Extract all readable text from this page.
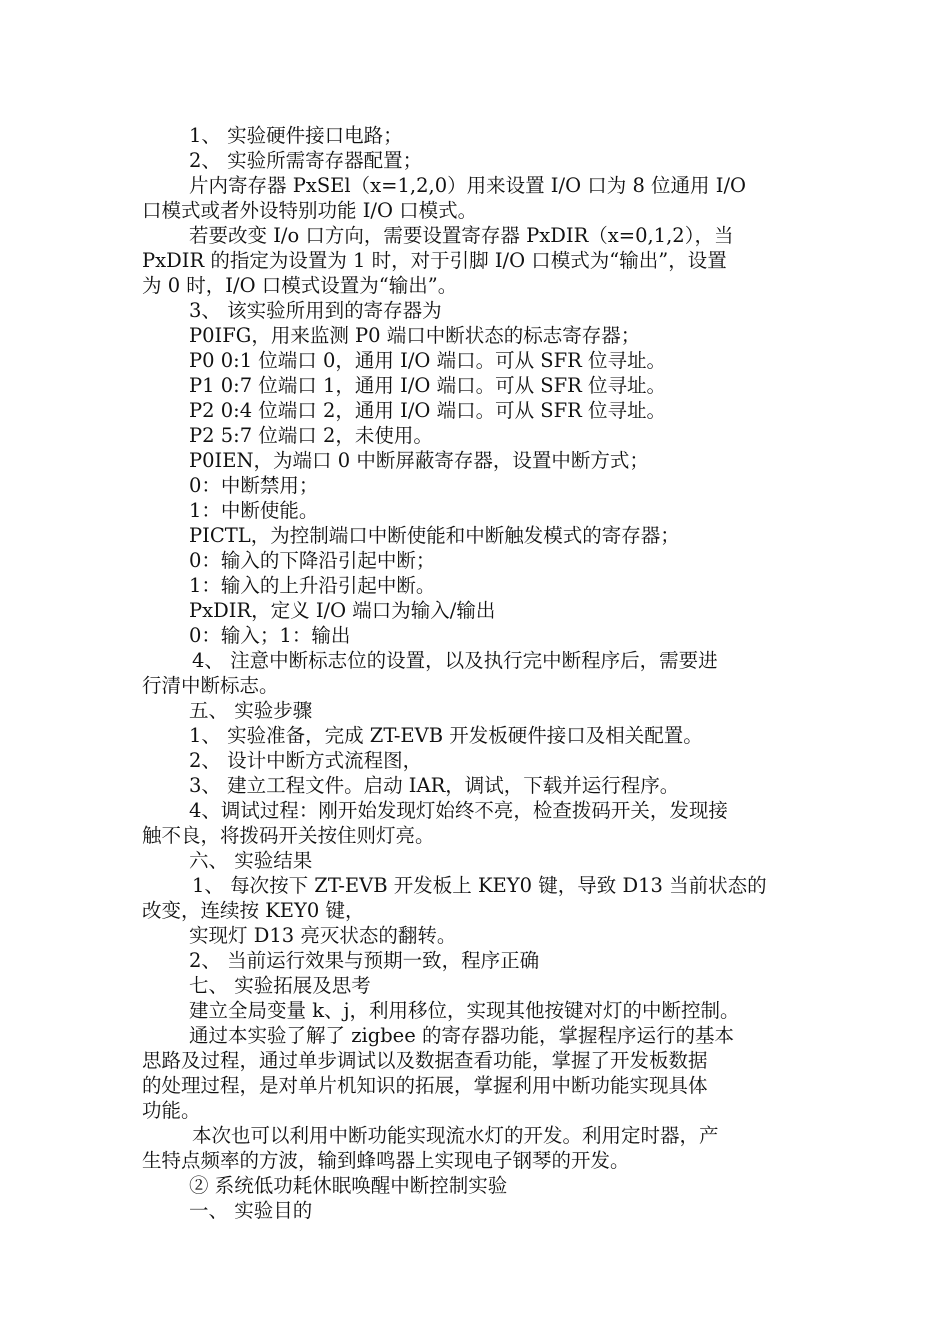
1、 实验硬件接口电路；
2、 实验所需寄存器配置；
片内寄存器 PxSEl（x=1,2,0）用来设置 I/O 口为 8 位通用 I/O
口模式或者外设特别功能 I/O 口模式。
若要改变 I/o 口方向，需要设置寄存器 PxDIR（x=0,1,2），当
PxDIR 的指定为设置为 1 时，对于引脚 I/O 口模式为“输出”，设置
为 0 时，I/O 口模式设置为“输出”。
3、 该实验所用到的寄存器为
P0IFG，用来监测 P0 端口中断状态的标志寄存器；
P0 0:1 位端口 0，通用 I/O 端口。可从 SFR 位寻址。
P1 0:7 位端口 1，通用 I/O 端口。可从 SFR 位寻址。
P2 0:4 位端口 2，通用 I/O 端口。可从 SFR 位寻址。
P2 5:7 位端口 2，未使用。
P0IEN，为端口 0 中断屏蔽寄存器，设置中断方式；
0：中断禁用；
1：中断使能。
PICTL，为控制端口中断使能和中断触发模式的寄存器；
0：输入的下降沿引起中断；
1：输入的上升沿引起中断。
PxDIR，定义 I/O 端口为输入/输出
0：输入；1：输出
4、 注意中断标志位的设置，以及执行完中断程序后，需要进
行清中断标志。
五、 实验步骤
1、 实验准备，完成 ZT-EVB 开发板硬件接口及相关配置。
2、 设计中断方式流程图，
3、 建立工程文件。启动 IAR，调试，下载并运行程序。
4、调试过程：刚开始发现灯始终不亮，检查拨码开关，发现接
触不良，将拨码开关按住则灯亮。
六、 实验结果
1、 每次按下 ZT-EVB 开发板上 KEY0 键，导致 D13 当前状态的
改变，连续按 KEY0 键，
实现灯 D13 亮灭状态的翻转。
2、 当前运行效果与预期一致，程序正确
七、 实验拓展及思考
建立全局变量 k、j，利用移位，实现其他按键对灯的中断控制。
通过本实验了解了 zigbee 的寄存器功能，掌握程序运行的基本
思路及过程，通过单步调试以及数据查看功能，掌握了开发板数据
的处理过程，是对单片机知识的拓展，掌握利用中断功能实现具体
功能。
本次也可以利用中断功能实现流水灯的开发。利用定时器，产
生特点频率的方波，输到蜂鸣器上实现电子钢琴的开发。
② 系统低功耗休眠唤醒中断控制实验
一、 实验目的
